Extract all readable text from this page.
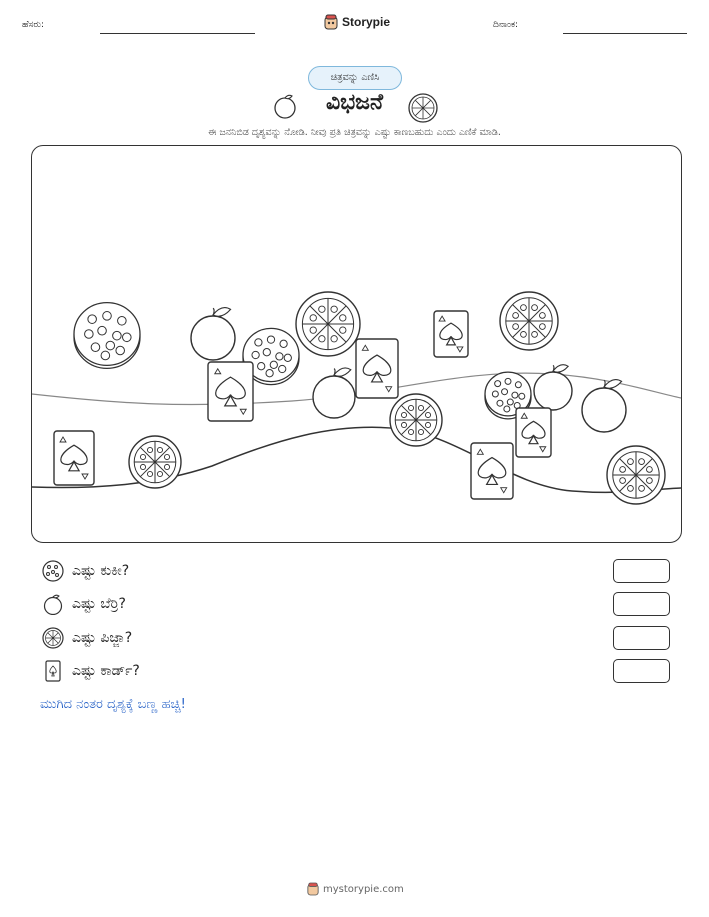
ಹೆಸರು:	Storypie	ದಿನಾಂಕ:
ಚಿತ್ರವನ್ನು ಎಣಿಸಿ
ವಿಭಜನೆ
ಈ ಜನನಿಬಿಡ ದೃಶ್ಯವನ್ನು ನೋಡಿ. ನೀವು ಪ್ರತಿ ಚಿತ್ರವನ್ನು ಎಷ್ಟು ಕಾಣಬಹುದು ಎಂದು ಎಣಿಕೆ ಮಾಡಿ.
ಎಷ್ಟು ಕುಕೀ?
ಎಷ್ಟು ಬೆರ್ರಿ?
ಎಷ್ಟು ಪಿಜ್ಜಾ?
ಎಷ್ಟು ಕಾರ್ಡ್?
ಮುಗಿದ ನಂತರ ದೃಶ್ಯಕ್ಕೆ ಬಣ್ಣ ಹಚ್ಚಿ!
mystorypie.com
